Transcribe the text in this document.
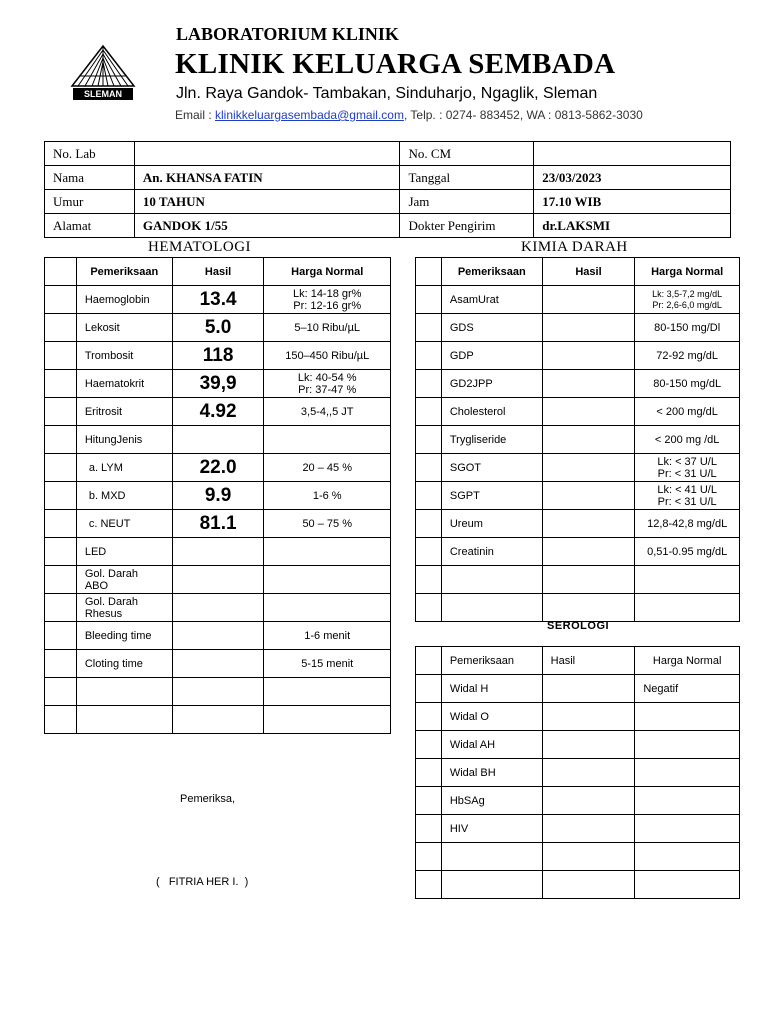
SLEMAN
LABORATORIUM KLINIK
KLINIK KELUARGA SEMBADA
Jln. Raya Gandok- Tambakan, Sinduharjo, Ngaglik, Sleman
Email : klinikkeluargasembada@gmail.com, Telp. : 0274- 883452, WA : 0813-5862-3030
No. Lab		No. CM	
Nama	An. KHANSA FATIN	Tanggal	23/03/2023
Umur	10 TAHUN	Jam	17.10 WIB
Alamat	GANDOK 1/55	Dokter Pengirim	dr.LAKSMI
HEMATOLOGI	KIMIA DARAH
	Pemeriksaan	Hasil	Harga Normal
	Haemoglobin	13.4	Lk: 14-18 gr%
Pr: 12-16 gr%

	Lekosit	5.0	5–10 Ribu/µL

	Trombosit	118	150–450 Ribu/µL

	Haematokrit	39,9	Lk: 40-54 %
Pr: 37-47 %

	Eritrosit	4.92	3,5-4,,5 JT

	HitungJenis		

	a. LYM	22.0	20 – 45 %

	b. MXD	9.9	1-6 %

	c. NEUT	81.1	50 – 75 %

	LED		

	Gol. Darah
ABO		

	Gol. Darah
Rhesus		

	Bleeding time		1-6 menit

	Cloting time		5-15 menit

	Pemeriksaan	Hasil	Harga Normal
	AsamUrat		Lk: 3,5-7,2 mg/dL
Pr: 2,6-6,0 mg/dL

	GDS		80-150 mg/Dl

	GDP		72-92 mg/dL

	GD2JPP		80-150 mg/dL

	Cholesterol		< 200 mg/dL

	Trygliseride		< 200 mg /dL

	SGOT		Lk: < 37 U/L
Pr: < 31 U/L

	SGPT		Lk: < 41 U/L
Pr: < 31 U/L

	Ureum		12,8-42,8 mg/dL

	Creatinin		0,51-0.95 mg/dL

SEROLOGI
	Pemeriksaan	Hasil	Harga Normal
	Widal H		Negatif
	Widal O		
	Widal AH		
	Widal BH		
	HbSAg		
	HIV		

Pemeriksa,
(   FITRIA HER I.  )
